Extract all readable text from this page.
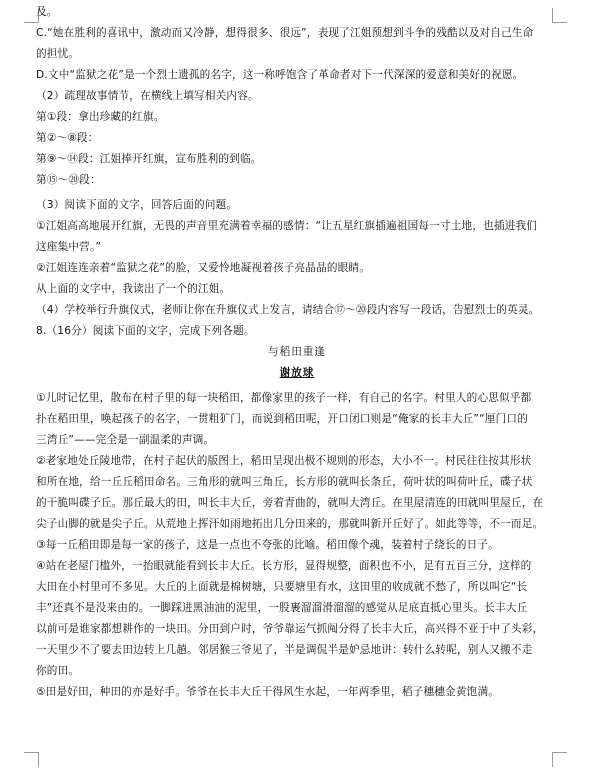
及。

C.“她在胜利的喜讯中，激动而又冷静，想得很多、很远”，表现了江姐预想到斗争的残酷以及对自己生命

的担忧。

D.文中“监狱之花”是一个烈士遗孤的名字，这一称呼饱含了革命者对下一代深深的爱意和美好的祝愿。

（2）疏理故事情节，在横线上填写相关内容。

第①段：拿出珍藏的红旗。

第②～⑧段：

第⑨～⑭段：江姐捧开红旗，宣布胜利的到临。

第⑮～⑳段：

（3）阅读下面的文字，回答后面的问题。

①江姐高高地展开红旗，无畏的声音里充满着幸福的感情：“让五星红旗插遍祖国每一寸土地，也插进我们

这座集中营。”

②江姐连连亲着“监狱之花”的脸，又爱怜地凝视着孩子亮晶晶的眼睛。

从上面的文字中，我读出了一个的江姐。

（4）学校举行升旗仪式，老师让你在升旗仪式上发言，请结合⑰～⑳段内容写一段话，告慰烈士的英灵。

8.（16分）阅读下面的文字，完成下列各题。

与稻田重逢

谢放球

①儿时记忆里，散布在村子里的每一块稻田，都像家里的孩子一样，有自己的名字。村里人的心思似乎都

扑在稻田里，唤起孩子的名字，一贯粗犷门，而说到稻田呢，开口闭口则是“俺家的长丰大丘”“厘门口的

三湾丘”——完全是一副温柔的声调。

②老家地处丘陵地带，在村子起伏的版图上，稻田呈现出极不规则的形态，大小不一。村民往往按其形状

和所在地，给一丘丘稻田命名。三角形的就叫三角丘，长方形的就叫长条丘，荷叶状的叫荷叶丘，碟子状

的干脆叫碟子丘。那丘最大的田，叫长丰大丘，旁着青曲的，就叫大湾丘。在里屋清连的田就叫里屋丘，在

尖子山脚的就是尖子丘。从荒地上挥汗如雨地拓出几分田来的，那就叫新开丘好了。如此等等，不一而足。

③每一丘稻田即是每一家的孩子，这是一点也不夸张的比喻。稻田像个魂，装着村子绕长的日子。

④站在老屋门槛外，一抬眼就能看到长丰大丘。长方形，显得规整，面积也不小，足有五百三分，这样的

大田在小村里可不多见。大丘的上面就是棉树塘，只要塘里有水，这田里的收成就不愁了，所以叫它“长

丰”还真不是没来由的。一脚踩进黑油油的泥里，一股裹溜溜滑溜溜的感觉从足底直抵心里头。长丰大丘

以前可是谁家都想耕作的一块田。分田到户时，爷爷靠运气抓阄分得了长丰大丘，高兴得不亚于中了头彩，

一天里少不了要去田边转上几趟。邻居猴三爷见了，半是调侃半是妒忌地讲：转什么转呢，别人又搬不走

你的田。

⑤田是好田，种田的亦是好手。爷爷在长丰大丘干得风生水起，一年两季里，稻子穗穗金黄饱满。
